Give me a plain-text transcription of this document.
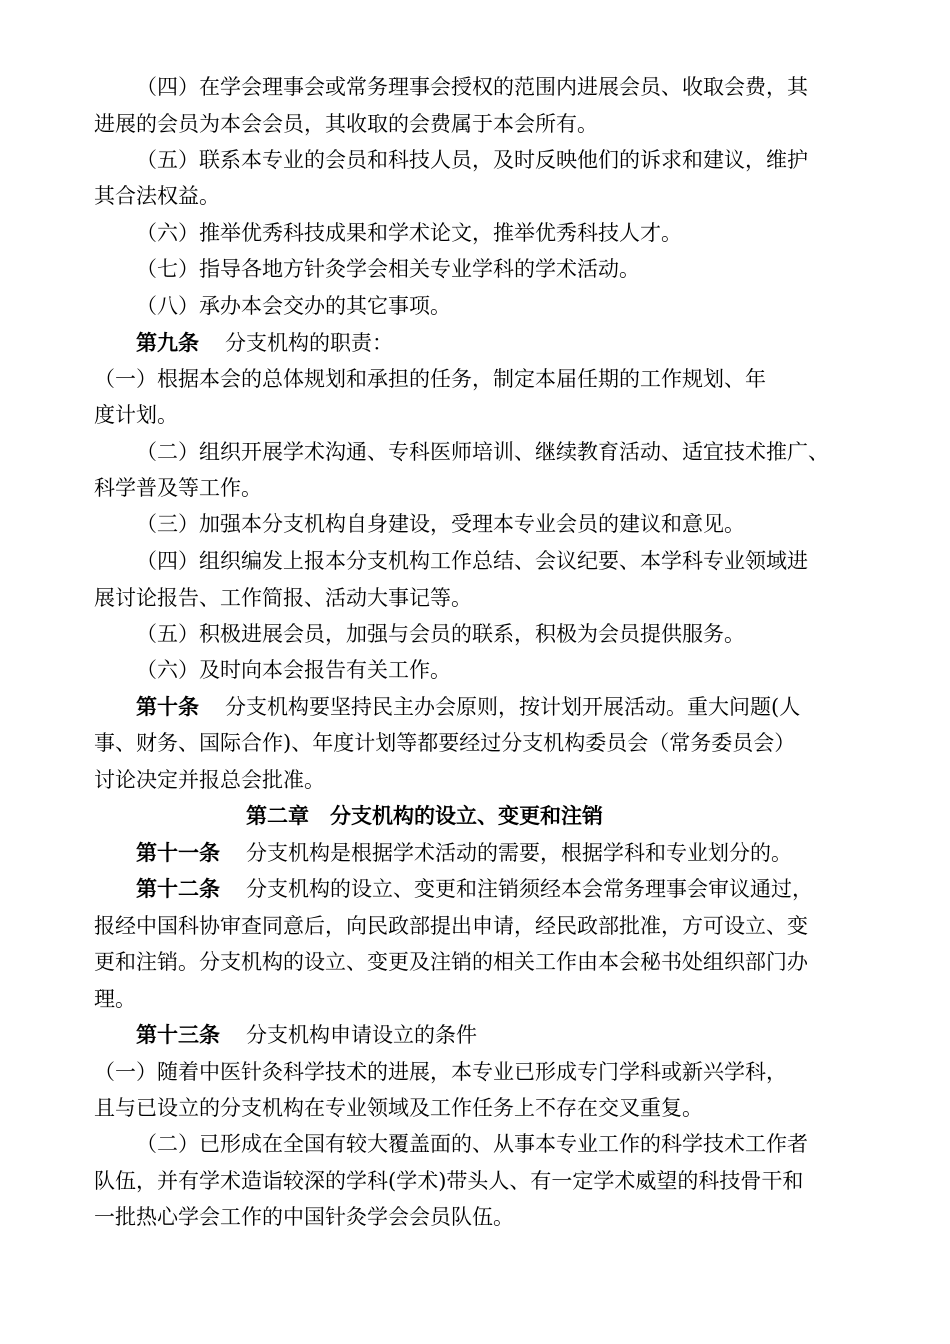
（四）在学会理事会或常务理事会授权的范围内进展会员、收取会费，其
进展的会员为本会会员，其收取的会费属于本会所有。
（五）联系本专业的会员和科技人员，及时反映他们的诉求和建议，维护
其合法权益。
（六）推举优秀科技成果和学术论文，推举优秀科技人才。
（七）指导各地方针灸学会相关专业学科的学术活动。
（八）承办本会交办的其它事项。
第九条 分支机构的职责：
（一）根据本会的总体规划和承担的任务，制定本届任期的工作规划、年
度计划。
（二）组织开展学术沟通、专科医师培训、继续教育活动、适宜技术推广、
科学普及等工作。
（三）加强本分支机构自身建设，受理本专业会员的建议和意见。
（四）组织编发上报本分支机构工作总结、会议纪要、本学科专业领域进
展讨论报告、工作简报、活动大事记等。
（五）积极进展会员，加强与会员的联系，积极为会员提供服务。
（六）及时向本会报告有关工作。
第十条 分支机构要坚持民主办会原则，按计划开展活动。重大问题(人
事、财务、国际合作)、年度计划等都要经过分支机构委员会（常务委员会）
讨论决定并报总会批准。
第二章　分支机构的设立、变更和注销
第十一条 分支机构是根据学术活动的需要，根据学科和专业划分的。
第十二条 分支机构的设立、变更和注销须经本会常务理事会审议通过，
报经中国科协审查同意后，向民政部提出申请，经民政部批准，方可设立、变
更和注销。分支机构的设立、变更及注销的相关工作由本会秘书处组织部门办
理。
第十三条 分支机构申请设立的条件
（一）随着中医针灸科学技术的进展，本专业已形成专门学科或新兴学科，
且与已设立的分支机构在专业领域及工作任务上不存在交叉重复。
（二）已形成在全国有较大覆盖面的、从事本专业工作的科学技术工作者
队伍，并有学术造诣较深的学科(学术)带头人、有一定学术威望的科技骨干和
一批热心学会工作的中国针灸学会会员队伍。
